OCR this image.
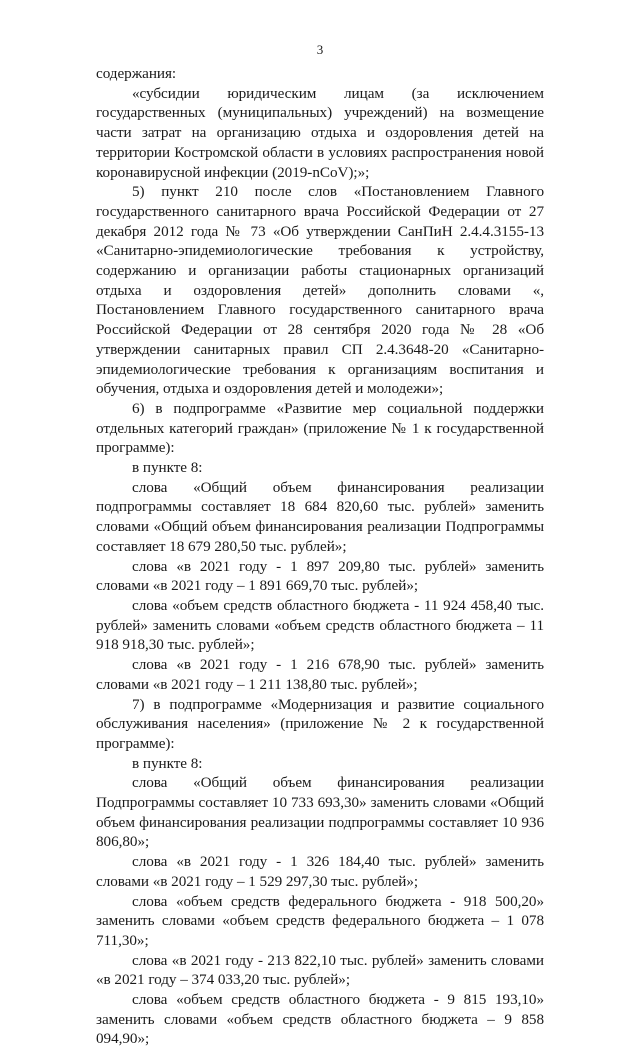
3

содержания:

«субсидии юридическим лицам (за исключением государственных (муниципальных) учреждений) на возмещение части затрат на организацию отдыха и оздоровления детей на территории Костромской области в условиях распространения новой коронавирусной инфекции (2019-nCoV);»;

5) пункт 210 после слов «Постановлением Главного государственного санитарного врача Российской Федерации от 27 декабря 2012 года № 73 «Об утверждении СанПиН 2.4.4.3155-13 «Санитарно-эпидемиологические требования к устройству, содержанию и организации работы стационарных организаций отдыха и оздоровления детей» дополнить словами «, Постановлением Главного государственного санитарного врача Российской Федерации от 28 сентября 2020 года № 28 «Об утверждении санитарных правил СП 2.4.3648-20 «Санитарно-эпидемиологические требования к организациям воспитания и обучения, отдыха и оздоровления детей и молодежи»;

6) в подпрограмме «Развитие мер социальной поддержки отдельных категорий граждан» (приложение № 1 к государственной программе):

в пункте 8:

слова «Общий объем финансирования реализации подпрограммы составляет 18 684 820,60 тыс. рублей» заменить словами «Общий объем финансирования реализации Подпрограммы составляет 18 679 280,50 тыс. рублей»;

слова «в 2021 году - 1 897 209,80 тыс. рублей» заменить словами «в 2021 году – 1 891 669,70 тыс. рублей»;

слова «объем средств областного бюджета - 11 924 458,40 тыс. рублей» заменить словами «объем средств областного бюджета – 11 918 918,30 тыс. рублей»;

слова «в 2021 году - 1 216 678,90 тыс. рублей» заменить словами «в 2021 году – 1 211 138,80 тыс. рублей»;

7) в подпрограмме «Модернизация и развитие социального обслуживания населения» (приложение № 2 к государственной программе):

в пункте 8:

слова «Общий объем финансирования реализации Подпрограммы составляет 10 733 693,30» заменить словами «Общий объем финансирования реализации подпрограммы составляет 10 936 806,80»;

слова «в 2021 году - 1 326 184,40 тыс. рублей» заменить словами «в 2021 году – 1 529 297,30 тыс. рублей»;

слова «объем средств федерального бюджета - 918 500,20» заменить словами «объем средств федерального бюджета – 1 078 711,30»;

слова «в 2021 году - 213 822,10 тыс. рублей» заменить словами «в 2021 году – 374 033,20 тыс. рублей»;

слова «объем средств областного бюджета - 9 815 193,10» заменить словами «объем средств областного бюджета – 9 858 094,90»;
